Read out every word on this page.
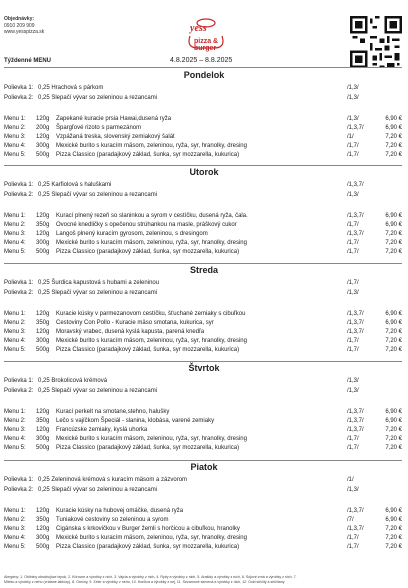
Objednávky:
0910 209 909
www.yesspizza.sk	yess
pizza & burger
Týždenné MENU	4.8.2025 – 8.8.2025
Pondelok
Polievka 1: 0,25 Hrachová s párkom	/1,3/
Polievka 2: 0,25 Slepačí vývar so zeleninou a rezancami	/1,3/
Menu 1: 120g Zapekané kuracie prsia Hawai,dusená ryža	/1,3/	6,90 €
Menu 2: 200g Špargľové rizoto s parmezánom	/1,3,7/	6,90 €
Menu 3: 120g Vzpážaná treska, slovenský zemiakový šalát	/1/	7,20 €
Menu 4: 300g Mexické burito s kuracím mäsom, zeleninou, ryža, syr, hranolky, dresing	/1,7/	7,20 €
Menu 5: 500g Pizza Classico (paradajkový základ, šunka, syr mozzarella, kukurica)	/1,7/	7,20 €
Utorok
Polievka 1: 0,25 Karfiolová s haluškami	/1,3,7/
Polievka 2: 0,25 Slepačí vývar so zeleninou a rezancami	/1,3/
Menu 1: 120g Kurací plnený rezeň so slaninkou a syrom v cestíčku, dusená ryža, čala.	/1,3,7/	6,90 €
Menu 2: 350g Ovocné knedličky s opečenou strúhankou na masle, práškový cukor	/1,7/	6,90 €
Menu 3: 120g Langoš plnený kuracím gyrosom, zeleninou, s dresingom	/1,3,7/	7,20 €
Menu 4: 300g Mexické burito s kuracím mäsom, zeleninou, ryža, syr, hranolky, dresing	/1,7/	7,20 €
Menu 5: 500g Pizza Classico (paradajkový základ, šunka, syr mozzarella, kukurica)	/1,7/	7,20 €
Streda
Polievka 1: 0,25 Šurdica kapustová s hubami a zeleninou	/1,7/
Polievka 2: 0,25 Slepačí vývar so zeleninou a rezancami	/1,3/
Menu 1: 120g Kuracie kúsky v parmezanovom cestíčku, šťuchané zemiaky s cibuľkou	/1,3,7/	6,90 €
Menu 2: 350g Cestoviny Con Pollo - Kuracie mäso smotana, kukurica, syr	/1,3,7/	6,90 €
Menu 3: 120g Moravský vrabec, dusená kyslá kapusta, parená knedľa	/1,3,7/	7,20 €
Menu 4: 300g Mexické burito s kuracím mäsom, zeleninou, ryža, syr, hranolky, dresing	/1,7/	7,20 €
Menu 5: 500g Pizza Classico (paradajkový základ, šunka, syr mozzarella, kukurica)	/1,7/	7,20 €
Štvrtok
Polievka 1: 0,25 Brokolicová krémová	/1,3/
Polievka 2: 0,25 Slepačí vývar so zeleninou a rezancami	/1,3/
Menu 1: 120g Kurací perkelt na smotane,stehno, halušky	/1,3,7/	6,90 €
Menu 2: 350g Lečo s vajíčkom Špeciál - slanina, klobása, varené zemiaky	/1,3,7/	6,90 €
Menu 3: 120g Francúzske zemiaky, kyslá uhorka	/1,3,7/	7,20 €
Menu 4: 300g Mexické burito s kuracím mäsom, zeleninou, ryža, syr, hranolky, dresing	/1,7/	7,20 €
Menu 5: 500g Pizza Classico (paradajkový základ, šunka, syr mozzarella, kukurica)	/1,7/	7,20 €
Piatok
Polievka 1: 0,25 Zeleninová krémová s kuracím mäsom a zázvorom	/1/
Polievka 2: 0,25 Slepačí vývar so zeleninou a rezancami	/1,3/
Menu 1: 120g Kuracie kúsky na hubovej omáčke, dusená ryža	/1,3,7/	6,90 €
Menu 2: 350g Tuniakové cestoviny so zeleninou a syrom	/7/	6,90 €
Menu 3: 120g Cigánska s krkovičkou v Burger žemli s horčicou a cibuľkou, hranolky	/1,3,7/	7,20 €
Menu 4: 300g Mexické burito s kuracím mäsom, zeleninou, ryža, syr, hranolky, dresing	/1,7/	7,20 €
Menu 5: 500g Pizza Classico (paradajkový základ, šunka, syr mozzarella, kukurica)	/1,7/	7,20 €
Alergény: 1. Obilniny obsahujúce lepok, 2. Kôrovce a výrobky z nich, 3. Vajcia a výrobky z nich, 4. Ryby a výrobky z nich, 5. Arašidy a výrobky z nich, 6. Sójové zrná a výrobky z nich, 7.
Mlieko a výrobky z neho (vrátane laktózy), 8. Orechy, 9. Zeler a výrobky z neho, 10. Horčica a výrobky z nej, 11. Sezamové semená a výrobky z nich, 12. Oxid siričitý a siričitany
